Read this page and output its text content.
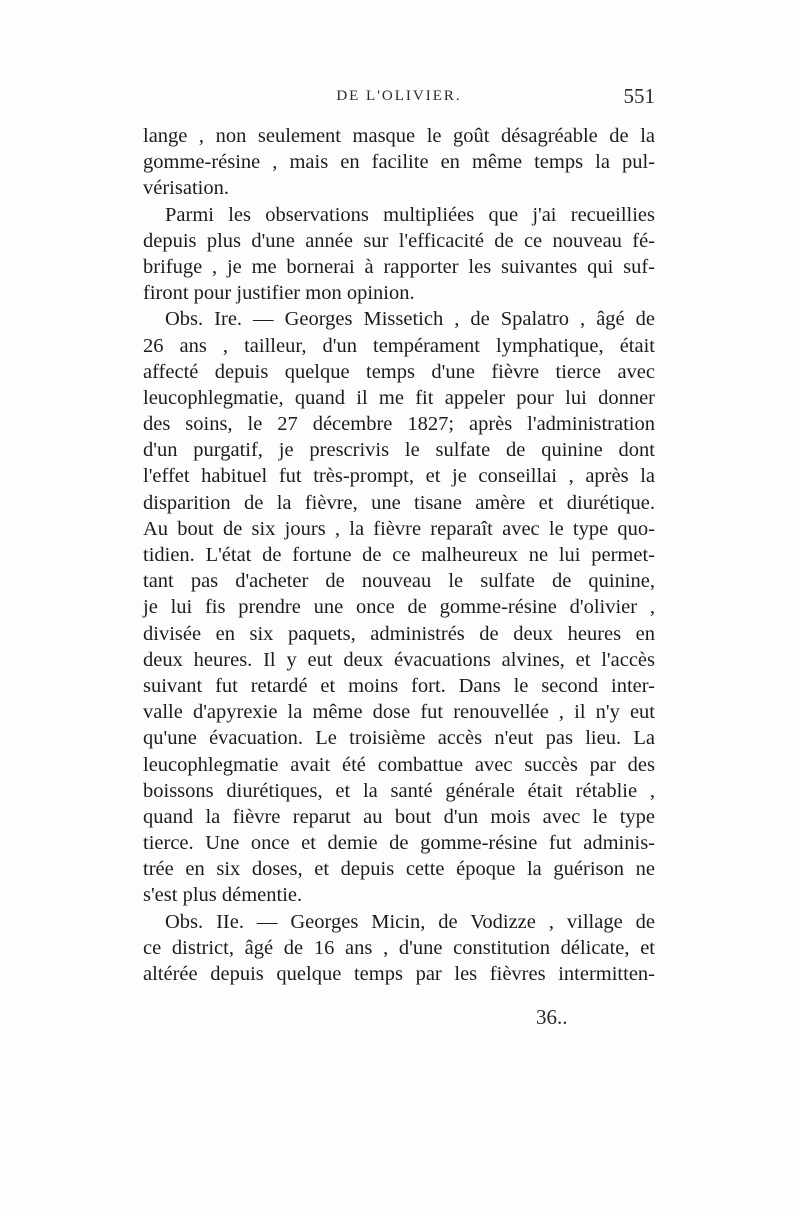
DE L'OLIVIER.	551
lange , non seulement masque le goût désagréable de la
gomme-résine , mais en facilite en même temps la pul-
vérisation.
Parmi les observations multipliées que j'ai recueillies
depuis plus d'une année sur l'efficacité de ce nouveau fé-
brifuge , je me bornerai à rapporter les suivantes qui suf-
firont pour justifier mon opinion.
Obs. Ire. — Georges Missetich , de Spalatro , âgé de
26 ans , tailleur, d'un tempérament lymphatique, était
affecté depuis quelque temps d'une fièvre tierce avec
leucophlegmatie, quand il me fit appeler pour lui donner
des soins, le 27 décembre 1827; après l'administration
d'un purgatif, je prescrivis le sulfate de quinine dont
l'effet habituel fut très-prompt, et je conseillai , après la
disparition de la fièvre, une tisane amère et diurétique.
Au bout de six jours , la fièvre reparaît avec le type quo-
tidien. L'état de fortune de ce malheureux ne lui permet-
tant pas d'acheter de nouveau le sulfate de quinine,
je lui fis prendre une once de gomme-résine d'olivier ,
divisée en six paquets, administrés de deux heures en
deux heures. Il y eut deux évacuations alvines, et l'accès
suivant fut retardé et moins fort. Dans le second inter-
valle d'apyrexie la même dose fut renouvellée , il n'y eut
qu'une évacuation. Le troisième accès n'eut pas lieu. La
leucophlegmatie avait été combattue avec succès par des
boissons diurétiques, et la santé générale était rétablie ,
quand la fièvre reparut au bout d'un mois avec le type
tierce. Une once et demie de gomme-résine fut adminis-
trée en six doses, et depuis cette époque la guérison ne
s'est plus démentie.
Obs. IIe. — Georges Micin, de Vodizze , village de
ce district, âgé de 16 ans , d'une constitution délicate, et
altérée depuis quelque temps par les fièvres intermitten-
36..
